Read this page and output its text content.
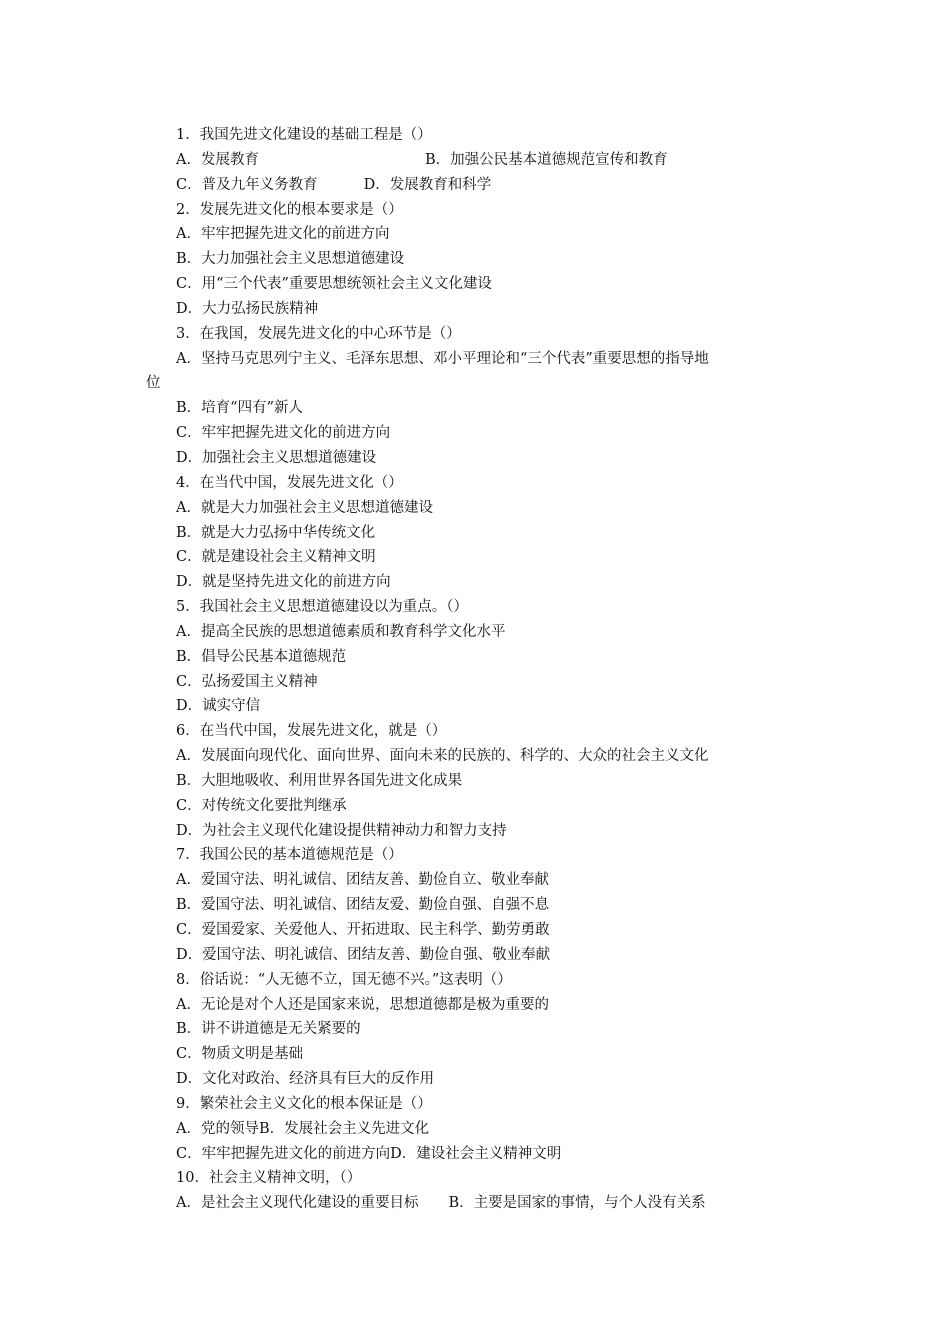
1．我国先进文化建设的基础工程是（）
A．发展教育	B．加强公民基本道德规范宣传和教育
C．普及九年义务教育	D．发展教育和科学
2．发展先进文化的根本要求是（）
A．牢牢把握先进文化的前进方向
B．大力加强社会主义思想道德建设
C．用“三个代表”重要思想统领社会主义文化建设
D．大力弘扬民族精神
3．在我国，发展先进文化的中心环节是（）
A．坚持马克思列宁主义、毛泽东思想、邓小平理论和“三个代表”重要思想的指导地
位
B．培育“四有”新人
C．牢牢把握先进文化的前进方向
D．加强社会主义思想道德建设
4．在当代中国，发展先进文化（）
A．就是大力加强社会主义思想道德建设
B．就是大力弘扬中华传统文化
C．就是建设社会主义精神文明
D．就是坚持先进文化的前进方向
5．我国社会主义思想道德建设以为重点。（）
A．提高全民族的思想道德素质和教育科学文化水平
B．倡导公民基本道德规范
C．弘扬爱国主义精神
D．诚实守信
6．在当代中国，发展先进文化，就是（）
A．发展面向现代化、面向世界、面向未来的民族的、科学的、大众的社会主义文化
B．大胆地吸收、利用世界各国先进文化成果
C．对传统文化要批判继承
D．为社会主义现代化建设提供精神动力和智力支持
7．我国公民的基本道德规范是（）
A．爱国守法、明礼诚信、团结友善、勤俭自立、敬业奉献
B．爱国守法、明礼诚信、团结友爱、勤俭自强、自强不息
C．爱国爱家、关爱他人、开拓进取、民主科学、勤劳勇敢
D．爱国守法、明礼诚信、团结友善、勤俭自强、敬业奉献
8．俗话说：“人无德不立，国无德不兴。”这表明（）
A．无论是对个人还是国家来说，思想道德都是极为重要的
B．讲不讲道德是无关紧要的
C．物质文明是基础
D．文化对政治、经济具有巨大的反作用
9．繁荣社会主义文化的根本保证是（）
A．党的领导B．发展社会主义先进文化
C．牢牢把握先进文化的前进方向D．建设社会主义精神文明
10．社会主义精神文明，（）
A．是社会主义现代化建设的重要目标 B．主要是国家的事情，与个人没有关系
